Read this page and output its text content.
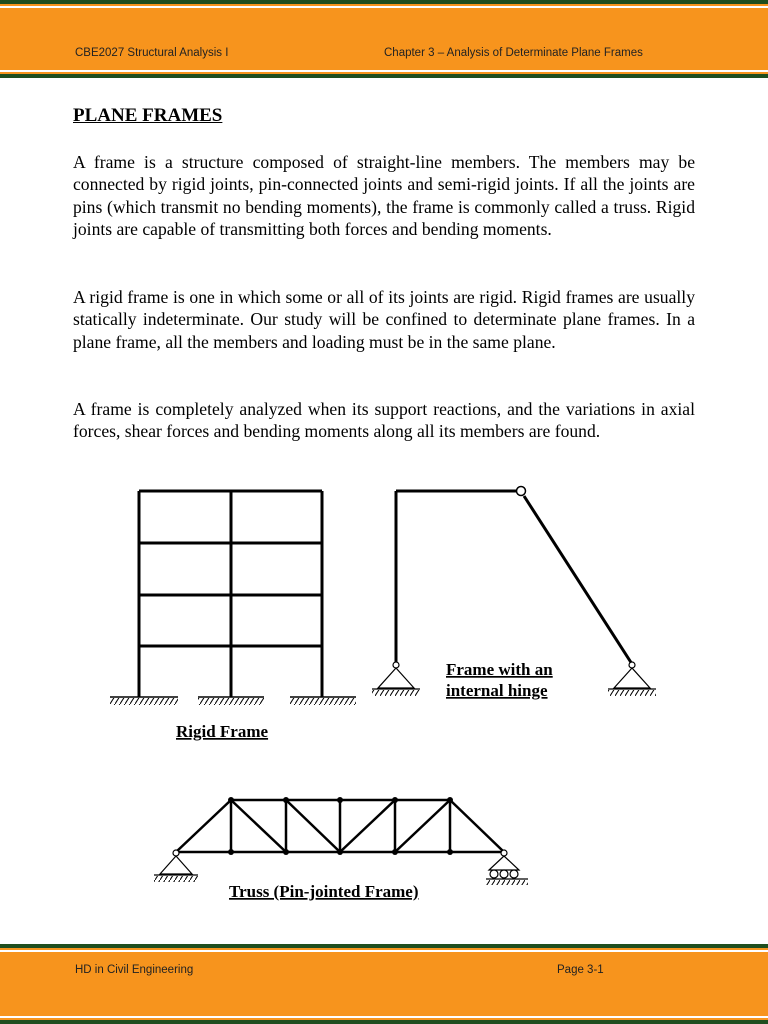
CBE2027 Structural Analysis I	Chapter 3 – Analysis of Determinate Plane Frames
PLANE FRAMES

A frame is a structure composed of straight-line members. The members may be connected by rigid joints, pin-connected joints and semi-rigid joints. If all the joints are pins (which transmit no bending moments), the frame is commonly called a truss. Rigid joints are capable of transmitting both forces and bending moments.

A rigid frame is one in which some or all of its joints are rigid. Rigid frames are usually statically indeterminate. Our study will be confined to determinate plane frames. In a plane frame, all the members and loading must be in the same plane.

A frame is completely analyzed when its support reactions, and the variations in axial forces, shear forces and bending moments along all its members are found.

Rigid Frame
Frame with an
internal hinge
Truss (Pin-jointed Frame)
HD in Civil Engineering	Page 3-1
